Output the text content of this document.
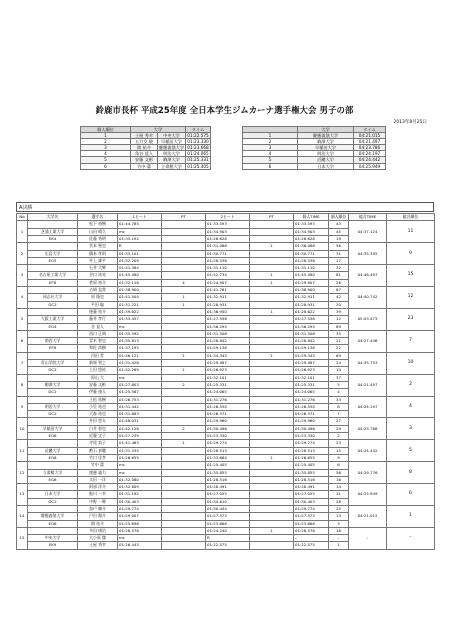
鈴鹿市長杯 平成25年度 全日本学生ジムカーナ選手権大会 男子の部
2013年8月25日
個人順位	大学		タイム
1	土屋 秀幸	中央大学	01:22.575
2	五月女 駿	早稲田大学	01:23.330
3	関 祐介	慶應義塾大学	01:23.668
4	角谷 達人	明治大学	01:24.065
5	安藤 文彬	駒澤大学	01:25.331
6	竹中 潔	立命館大学	01:25.405
	大学	タイム
1	慶應義塾大学	04:21.015
2	駒澤大学	04:21.497
3	早稲田大学	04:23.786
4	明治大学	04:24.197
5	近畿大学	04:24.442
6	日本大学	04:25.949
A決勝
No	大学名	選手名	1ヒート	PT	2ヒート	PT	個人TIME	個人順位	総合TIME	総合順位
1		松下 裕樹	01:44.785		01:33.593		01:33.593	43	04:37.124	11
	芝浦工業大学	山田 晴久	mc		01:34.903		01:34.903	45		
	EK4	佐藤 秀明	01:33.192		01:28.628		01:28.628	19		
2		宮本 聖也	R		01:31.088	1	01:36.088	56	04:35.395	9
	広島大学	橋本 孝則	01:33.101		01:30.771		01:30.771	31		
	EG5	井上 雄平	01:32.209		01:28.536		01:28.536	17		
3		石井 大輝	01:41.384		01:31.110		01:31.110	32	04:46.497	15
	名古屋工業大学	谷口 祐亮	01:45.480		01:52.734	1	01:45.480	81		
	EF8	菅原 裕介	01:32.118	4	01:24.907	1	01:29.907	26		
4		吉岡 直貴	01:38.900		01:41.761		01:38.900	67	04:40.742	12
	同志社大学	原 隆也	01:41.504	1	01:32.911		01:32.911	42		
	DC2	平田 聡	01:31.221	1	01:28.931		01:28.931	20		
5		後藤 祐介	01:39.622		01:36.950	1	01:28.622	39	05:03.473	23
	大阪工業大学	藤井 孝行	01:33.457		01:27.556		01:27.556	12		
	EG4	谷 直人	mc		01:56.295		01:56.295	89		
6		西口 正典	01:35.592		01:31.508		01:31.508	35	04:27.446	7
	関西大学	青木 智也	01:35.813		01:28.842		01:28.842	21		
	EF8	和佐 尚樹	01:37.195		01:29.138		01:29.138	22		
7		河田 哲	01:46.121	1	01:34.343	1	01:29.343	69	04:35.753	10
	青山学院大学	新堀 智之	01:31.426		01:29.487		01:29.487	24		
	DC2	上田 悠祐	01:42.269	1	01:26.923		01:26.923	10		
8		原山 大	mc		01:32.101		01:32.101	37	04:21.497	2
	駒澤大学	安藤 文彬	01:27.803	2	01:25.331		01:25.331	5		
	DC2	伊藤 康人	01:25.567		01:24.065		01:24.065	4		
9		土松 祐樹	01:26.753		01:31.276		01:31.276	33	04:24.197	4
	明治大学	小笠 祐也	01:31.442		01:26.550		01:26.550	8		
	DC2	大森 祐也	01:31.883		01:26.371		01:26.371	7		
10		井田 悠太	01:48.031		01:29.960		01:29.960	27	04:23.786	3
	早稲田大学	白井 智也	01:42.126	2	01:30.496		01:30.496	29		
	EG6	近藤 文子	01:27.239		01:23.330		01:23.330	2		
11		寺尾 直子	01:41.463	1	01:29.274		01:29.274	23	04:24.442	5
	近畿大学	勲石 真聴	01:31.335		01:28.513		01:28.513	15		
	EG6	竹口 佳孝	01:26.655		01:33.664	1	01:26.655	9		
12		竹中 潔	mc		01:25.405		01:25.405	6	04:29.776	8
	立命館大学	渡邊 義力	mc		01:35.855		01:35.855	56		
	EG6	太田 一洋	01:32.080		01:28.516		01:28.516	16		
13		阿部 洋介	01:32.809		01:28.491		01:28.491	14	04:25.949	6
	日本大学	鮎川 一幸	01:31.192		01:27.055		01:27.055	11		
	DC2	中野 一輝	01:30.403		01:34.610		01:30.403	28		
14		加戸 陳介	01:29.774		01:30.444		01:29.774	25	04:21.015	1
	慶應義塾大学	戸田 陽介	01:29.007		01:27.573		01:27.573	13		
	EG6	関 祐介	01:25.698		01:23.668		01:23.668	3		
15		多田 康治	01:28.578		01:24.240	1	01:28.578	18	–	–
	中央大学	大小原 傑	mc		R		–	–		
	EK9	土屋 秀幸	01:26.443		01:22.575		01:22.575	1		
